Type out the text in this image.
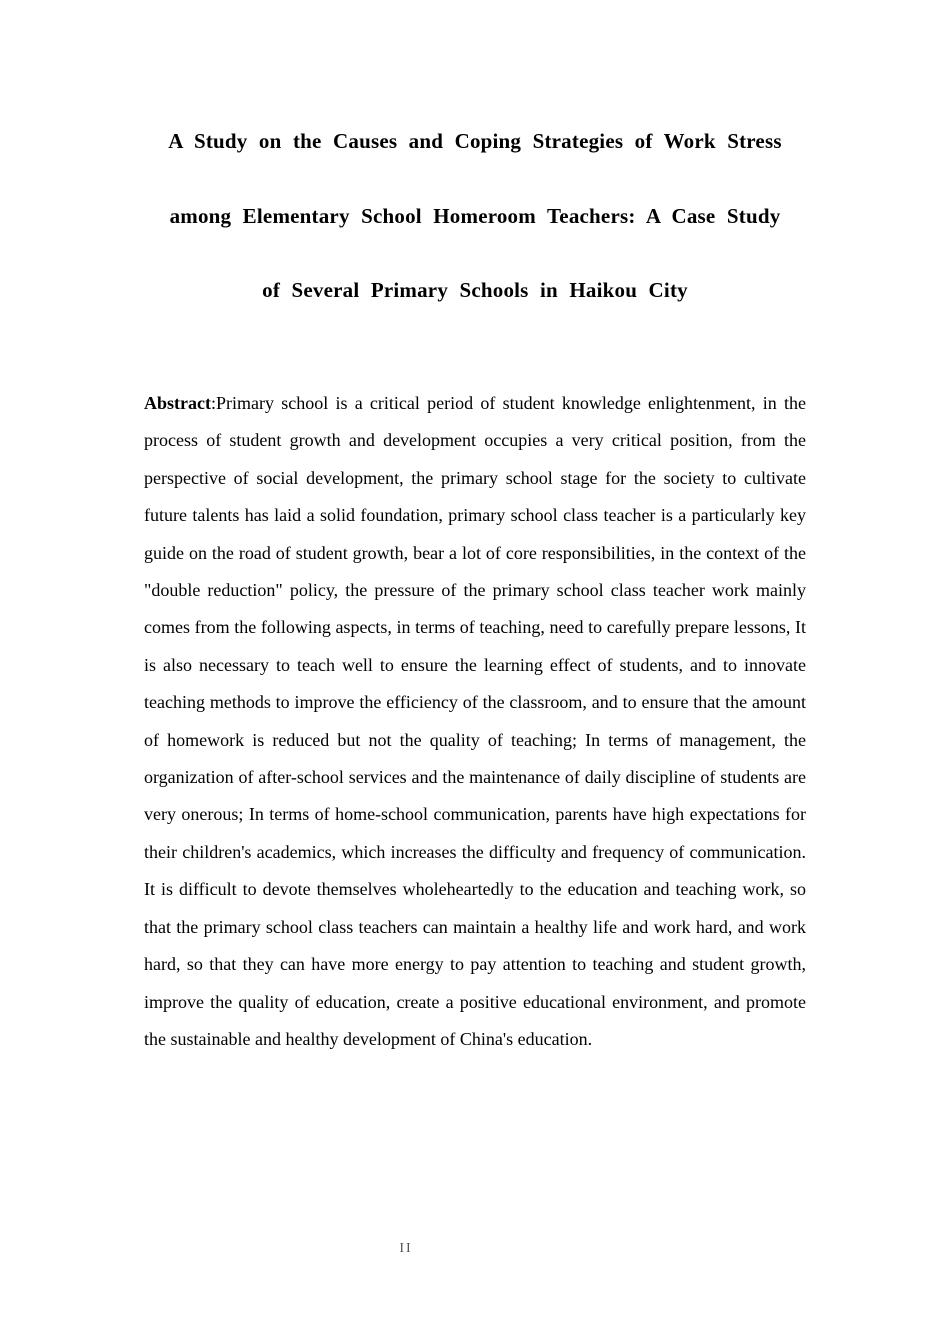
A Study on the Causes and Coping Strategies of Work Stress
among Elementary School Homeroom Teachers: A Case Study
of Several Primary Schools in Haikou City
Abstract:Primary school is a critical period of student knowledge enlightenment, in the process of student growth and development occupies a very critical position, from the perspective of social development, the primary school stage for the society to cultivate future talents has laid a solid foundation, primary school class teacher is a particularly key guide on the road of student growth, bear a lot of core responsibilities, in the context of the "double reduction" policy, the pressure of the primary school class teacher work mainly comes from the following aspects, in terms of teaching, need to carefully prepare lessons, It is also necessary to teach well to ensure the learning effect of students, and to innovate teaching methods to improve the efficiency of the classroom, and to ensure that the amount of homework is reduced but not the quality of teaching; In terms of management, the organization of after-school services and the maintenance of daily discipline of students are very onerous; In terms of home-school communication, parents have high expectations for their children's academics, which increases the difficulty and frequency of communication. It is difficult to devote themselves wholeheartedly to the education and teaching work, so that the primary school class teachers can maintain a healthy life and work hard, and work hard, so that they can have more energy to pay attention to teaching and student growth, improve the quality of education, create a positive educational environment, and promote the sustainable and healthy development of China's education.
II
